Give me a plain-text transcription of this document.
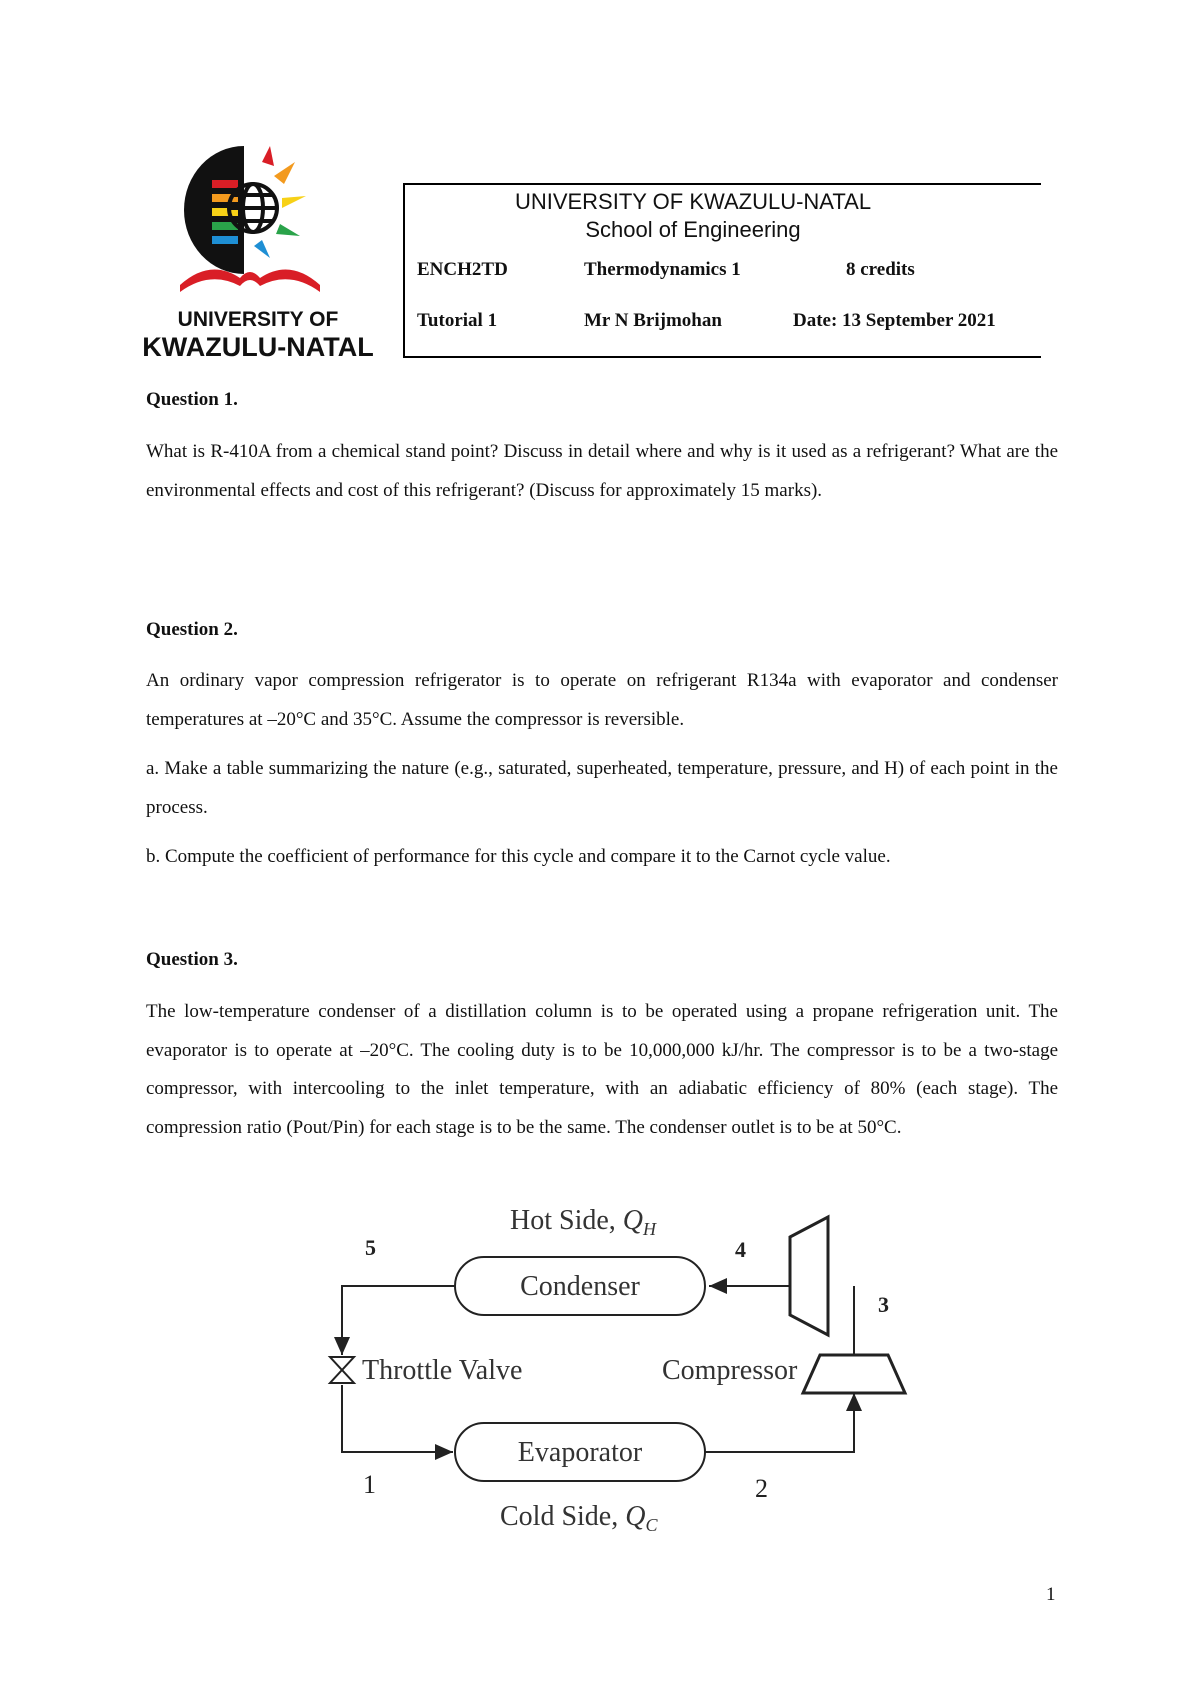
UNIVERSITY OF
KWAZULU-NATAL
UNIVERSITY OF KWAZULU-NATAL
School of Engineering
ENCH2TD	Thermodynamics 1	8 credits
Tutorial 1	Mr N Brijmohan	Date: 13 September 2021
Question 1.

What is R-410A from a chemical stand point? Discuss in detail where and why is it used as a refrigerant? What are the environmental effects and cost of this refrigerant? (Discuss for approximately 15 marks).

Question 2.

An ordinary vapor compression refrigerator is to operate on refrigerant R134a with evaporator and condenser temperatures at –20°C and 35°C. Assume the compressor is reversible.

a. Make a table summarizing the nature (e.g., saturated, superheated, temperature, pressure, and H) of each point in the process.

b. Compute the coefficient of performance for this cycle and compare it to the Carnot cycle value.

Question 3.

The low-temperature condenser of a distillation column is to be operated using a propane refrigeration unit. The evaporator is to operate at –20°C. The cooling duty is to be 10,000,000 kJ/hr. The compressor is to be a two-stage compressor, with intercooling to the inlet temperature, with an adiabatic efficiency of 80% (each stage). The compression ratio (Pout/Pin) for each stage is to be the same. The condenser outlet is to be at 50°C.

Hot Side, $Q_H$
Condenser
Evaporator
Cold Side, $Q_C$
Throttle Valve	Compressor
5	4
3
1	2
1
